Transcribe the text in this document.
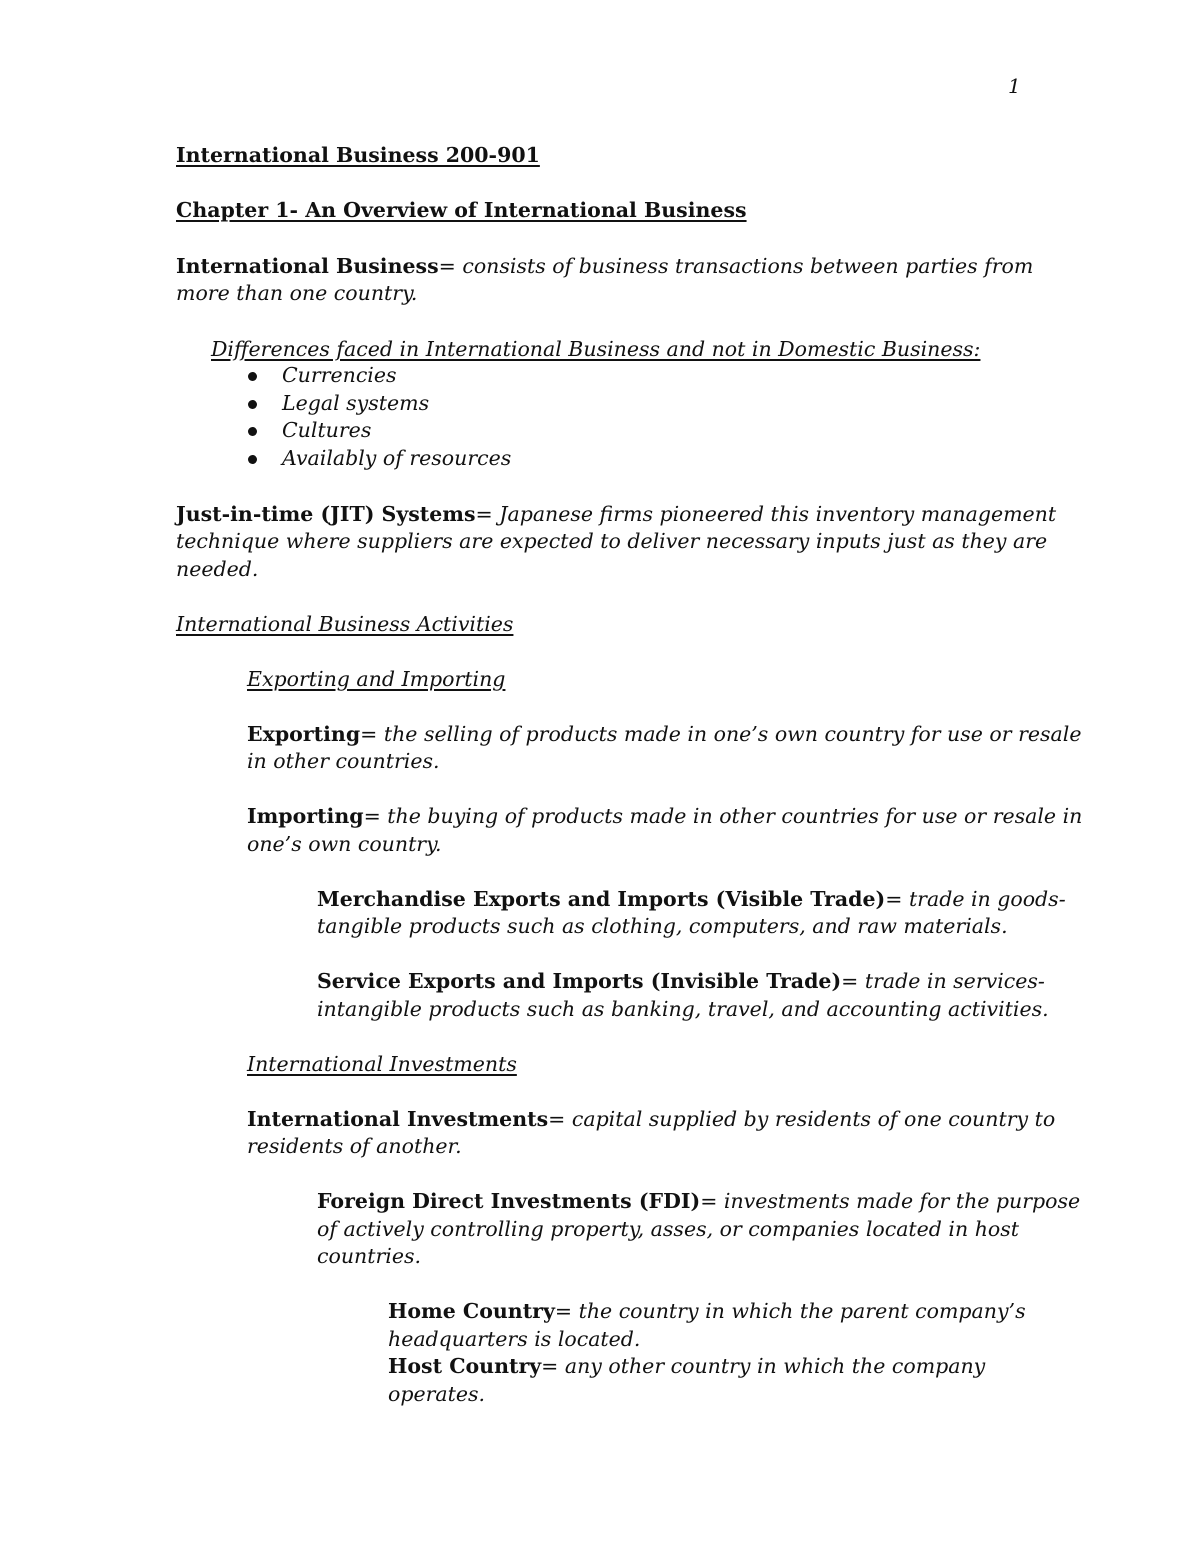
1
International Business 200-901
Chapter 1- An Overview of International Business
International Business= consists of business transactions between parties from
more than one country.
Differences faced in International Business and not in Domestic Business:
Currencies
Legal systems
Cultures
Availably of resources
Just-in-time (JIT) Systems= Japanese firms pioneered this inventory management
technique where suppliers are expected to deliver necessary inputs just as they are
needed.
International Business Activities
Exporting and Importing
Exporting= the selling of products made in one’s own country for use or resale
in other countries.
Importing= the buying of products made in other countries for use or resale in
one’s own country.
Merchandise Exports and Imports (Visible Trade)= trade in goods-
tangible products such as clothing, computers, and raw materials.
Service Exports and Imports (Invisible Trade)= trade in services-
intangible products such as banking, travel, and accounting activities.
International Investments
International Investments= capital supplied by residents of one country to
residents of another.
Foreign Direct Investments (FDI)= investments made for the purpose
of actively controlling property, asses, or companies located in host
countries.
Home Country= the country in which the parent company’s
headquarters is located.
Host Country= any other country in which the company
operates.
